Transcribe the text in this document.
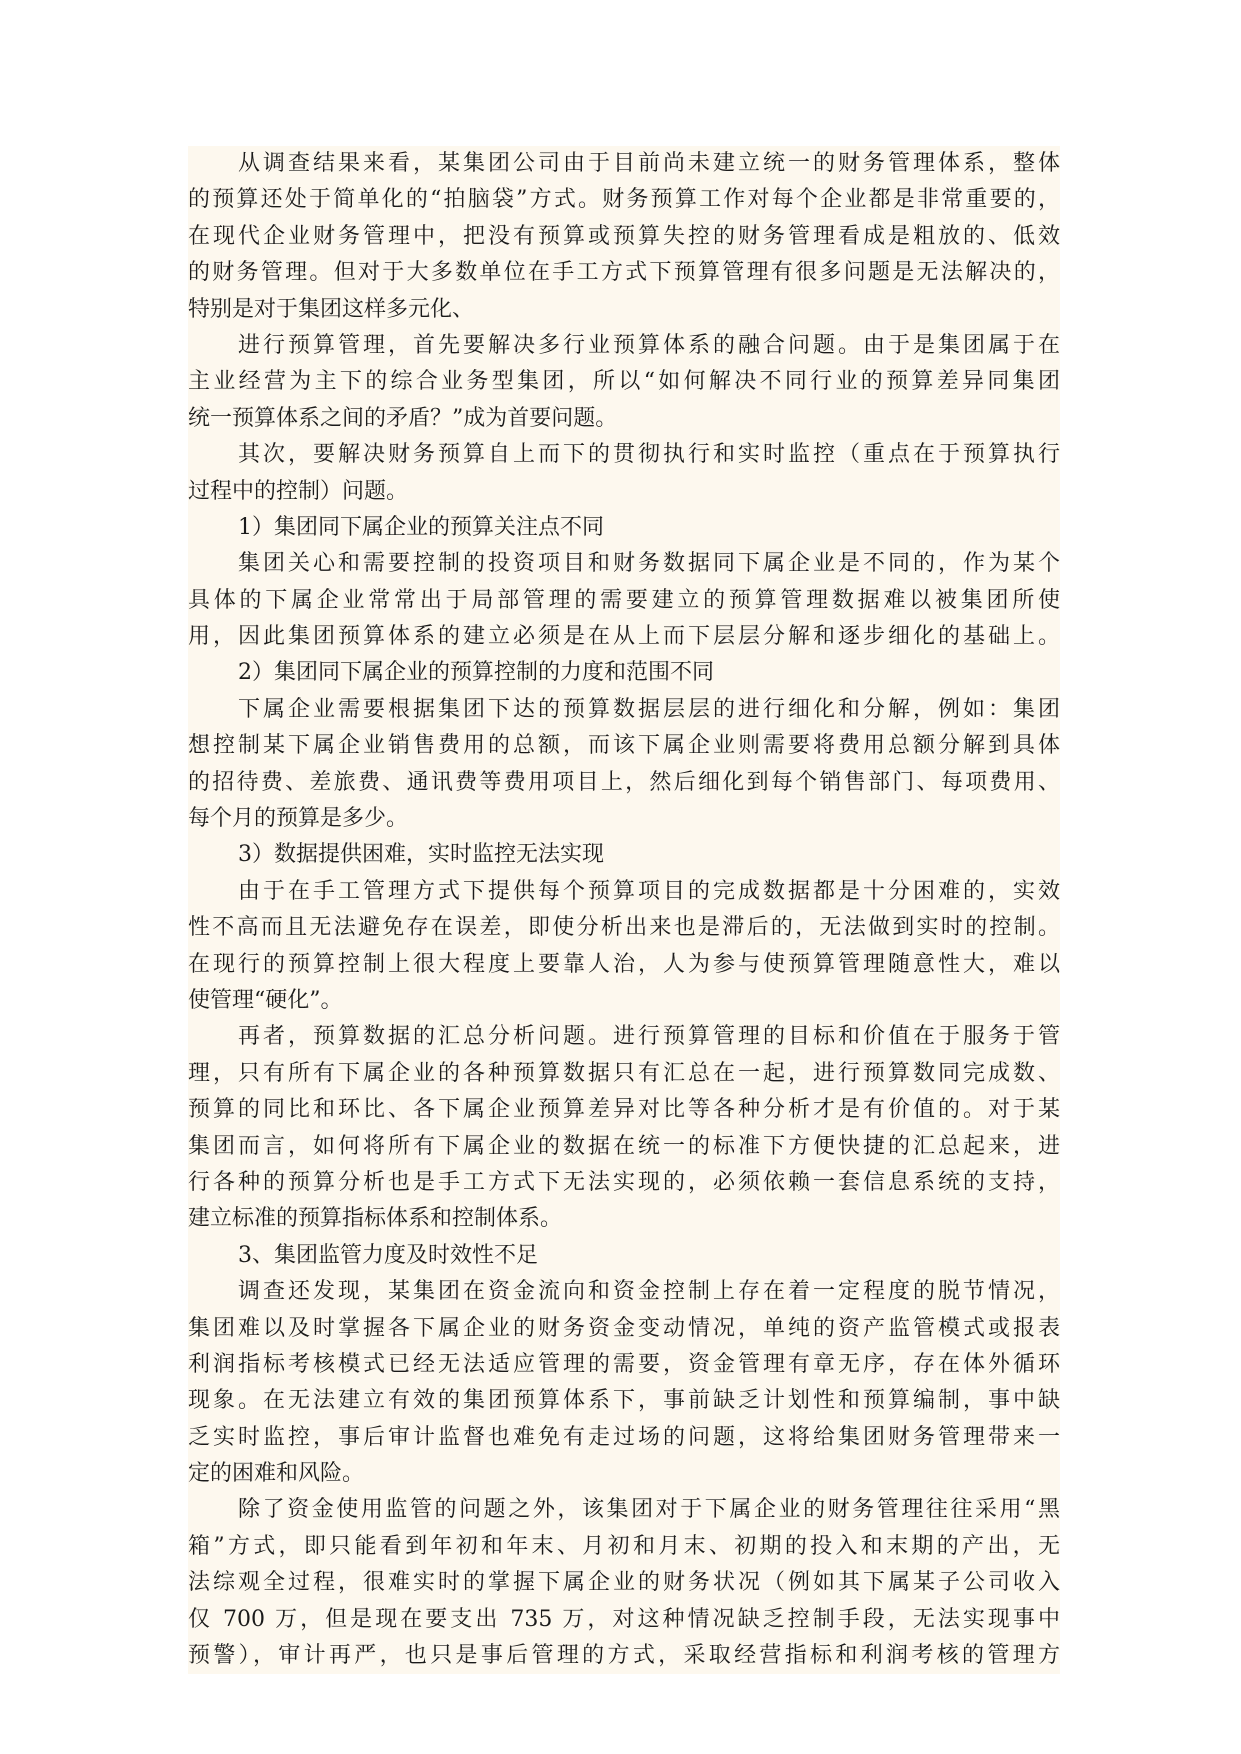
从调查结果来看，某集团公司由于目前尚未建立统一的财务管理体系，整体
的预算还处于简单化的“拍脑袋”方式。财务预算工作对每个企业都是非常重要的，
在现代企业财务管理中，把没有预算或预算失控的财务管理看成是粗放的、低效
的财务管理。但对于大多数单位在手工方式下预算管理有很多问题是无法解决的，
特别是对于集团这样多元化、
进行预算管理，首先要解决多行业预算体系的融合问题。由于是集团属于在
主业经营为主下的综合业务型集团，所以“如何解决不同行业的预算差异同集团
统一预算体系之间的矛盾？”成为首要问题。
其次，要解决财务预算自上而下的贯彻执行和实时监控（重点在于预算执行
过程中的控制）问题。
1）集团同下属企业的预算关注点不同
集团关心和需要控制的投资项目和财务数据同下属企业是不同的，作为某个
具体的下属企业常常出于局部管理的需要建立的预算管理数据难以被集团所使
用，因此集团预算体系的建立必须是在从上而下层层分解和逐步细化的基础上。
2）集团同下属企业的预算控制的力度和范围不同
下属企业需要根据集团下达的预算数据层层的进行细化和分解，例如：集团
想控制某下属企业销售费用的总额，而该下属企业则需要将费用总额分解到具体
的招待费、差旅费、通讯费等费用项目上，然后细化到每个销售部门、每项费用、
每个月的预算是多少。
3）数据提供困难，实时监控无法实现
由于在手工管理方式下提供每个预算项目的完成数据都是十分困难的，实效
性不高而且无法避免存在误差，即使分析出来也是滞后的，无法做到实时的控制。
在现行的预算控制上很大程度上要靠人治，人为参与使预算管理随意性大，难以
使管理“硬化”。
再者，预算数据的汇总分析问题。进行预算管理的目标和价值在于服务于管
理，只有所有下属企业的各种预算数据只有汇总在一起，进行预算数同完成数、
预算的同比和环比、各下属企业预算差异对比等各种分析才是有价值的。对于某
集团而言，如何将所有下属企业的数据在统一的标准下方便快捷的汇总起来，进
行各种的预算分析也是手工方式下无法实现的，必须依赖一套信息系统的支持，
建立标准的预算指标体系和控制体系。
3、集团监管力度及时效性不足
调查还发现，某集团在资金流向和资金控制上存在着一定程度的脱节情况，
集团难以及时掌握各下属企业的财务资金变动情况，单纯的资产监管模式或报表
利润指标考核模式已经无法适应管理的需要，资金管理有章无序，存在体外循环
现象。在无法建立有效的集团预算体系下，事前缺乏计划性和预算编制，事中缺
乏实时监控，事后审计监督也难免有走过场的问题，这将给集团财务管理带来一
定的困难和风险。
除了资金使用监管的问题之外，该集团对于下属企业的财务管理往往采用“黑
箱”方式，即只能看到年初和年末、月初和月末、初期的投入和末期的产出，无
法综观全过程，很难实时的掌握下属企业的财务状况（例如其下属某子公司收入
仅 700 万，但是现在要支出 735 万，对这种情况缺乏控制手段，无法实现事中
预警），审计再严，也只是事后管理的方式，采取经营指标和利润考核的管理方
